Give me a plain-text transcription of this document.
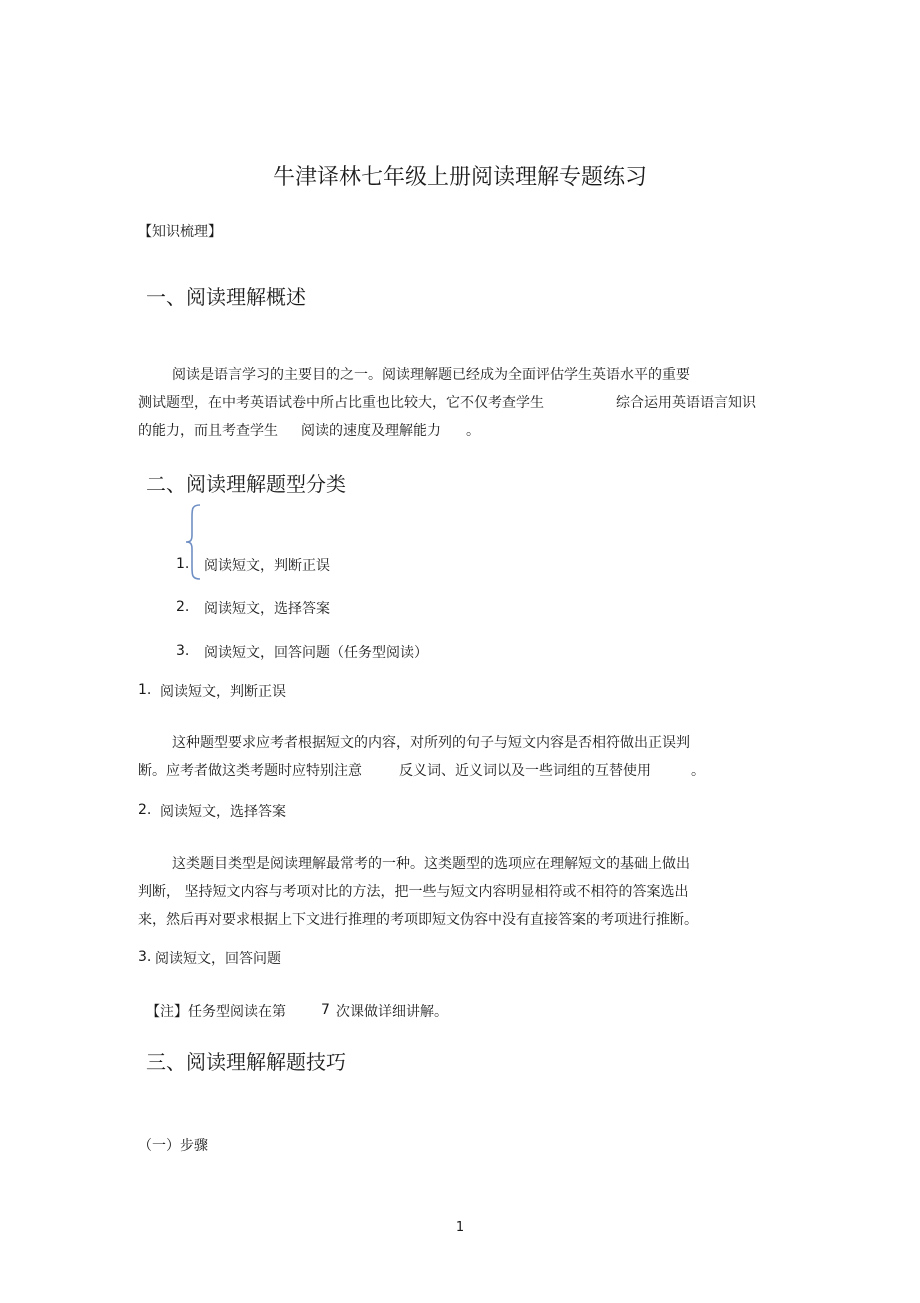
牛津译林七年级上册阅读理解专题练习
【知识梳理】
一、阅读理解概述
阅读是语言学习的主要目的之一。阅读理解题已经成为全面评估学生英语水平的重要
测试题型，在中考英语试卷中所占比重也比较大，它不仅考查学生	综合运用英语语言知识
的能力，而且考查学生 阅读的速度及理解能力 。
二、阅读理解题型分类
1. 阅读短文，判断正误
2. 阅读短文，选择答案
3. 阅读短文，回答问题（任务型阅读）
1. 阅读短文，判断正误
这种题型要求应考者根据短文的内容，对所列的句子与短文内容是否相符做出正误判
断。应考者做这类考题时应特别注意	反义词、近义词以及一些词组的互替使用	。
2. 阅读短文，选择答案
这类题目类型是阅读理解最常考的一种。这类题型的选项应在理解短文的基础上做出
判断， 坚持短文内容与考项对比的方法，把一些与短文内容明显相符或不相符的答案选出
来，然后再对要求根据上下文进行推理的考项即短文伪容中没有直接答案的考项进行推断。
3. 阅读短文，回答问题
【注】任务型阅读在第	7 次课做详细讲解。
三、阅读理解解题技巧
（一）步骤
1
